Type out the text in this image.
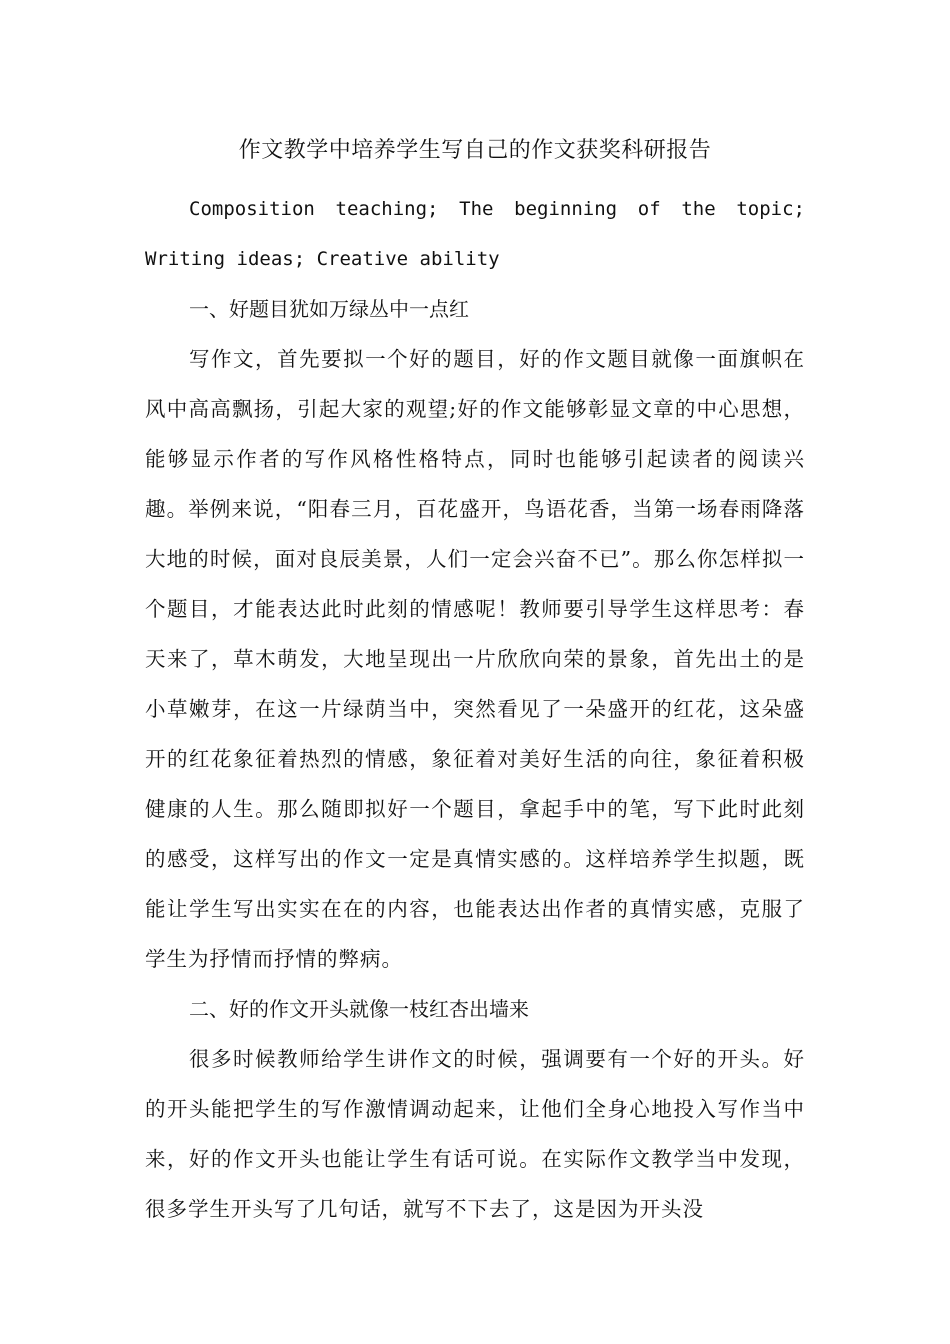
作文教学中培养学生写自己的作文获奖科研报告

Composition teaching; The beginning of the topic;

Writing ideas; Creative ability

一、好题目犹如万绿丛中一点红

写作文，首先要拟一个好的题目，好的作文题目就像一面旗帜在风中高高飘扬，引起大家的观望;好的作文能够彰显文章的中心思想，能够显示作者的写作风格性格特点，同时也能够引起读者的阅读兴趣。举例来说，“阳春三月，百花盛开，鸟语花香，当第一场春雨降落大地的时候，面对良辰美景，人们一定会兴奋不已”。那么你怎样拟一个题目，才能表达此时此刻的情感呢！教师要引导学生这样思考：春天来了，草木萌发，大地呈现出一片欣欣向荣的景象，首先出土的是小草嫩芽，在这一片绿荫当中，突然看见了一朵盛开的红花，这朵盛开的红花象征着热烈的情感，象征着对美好生活的向往，象征着积极健康的人生。那么随即拟好一个题目，拿起手中的笔，写下此时此刻的感受，这样写出的作文一定是真情实感的。这样培养学生拟题，既能让学生写出实实在在的内容，也能表达出作者的真情实感，克服了学生为抒情而抒情的弊病。

二、好的作文开头就像一枝红杏出墙来

很多时候教师给学生讲作文的时候，强调要有一个好的开头。好的开头能把学生的写作激情调动起来，让他们全身心地投入写作当中来，好的作文开头也能让学生有话可说。在实际作文教学当中发现，很多学生开头写了几句话，就写不下去了，这是因为开头没
